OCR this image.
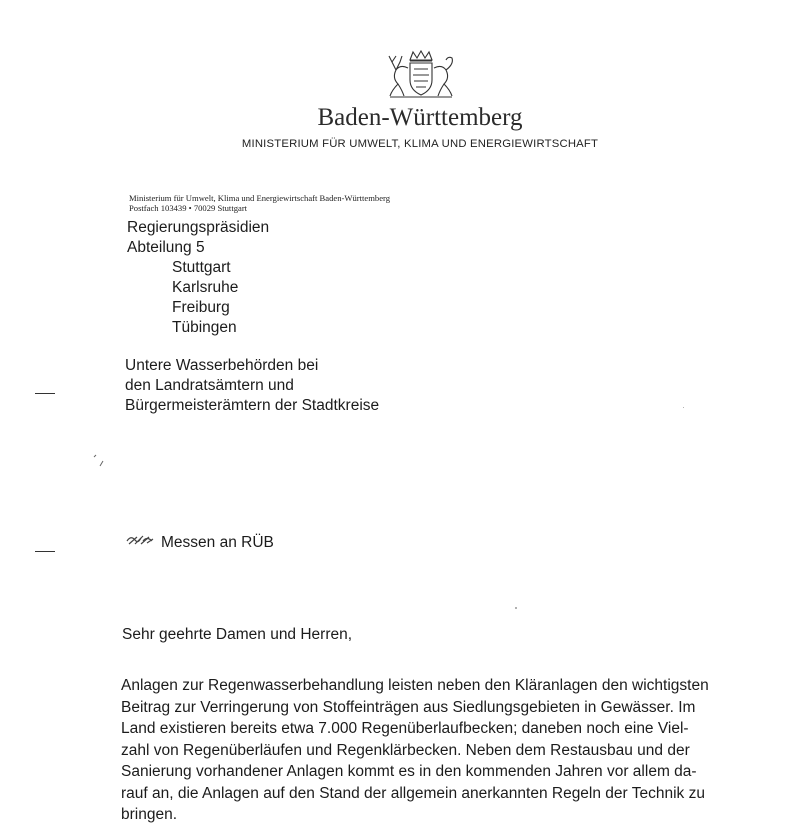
Baden-Württemberg
MINISTERIUM FÜR UMWELT, KLIMA UND ENERGIEWIRTSCHAFT
Ministerium für Umwelt, Klima und Energiewirtschaft Baden-Württemberg
Postfach 103439 • 70029 Stuttgart
Regierungspräsidien
Abteilung 5
Stuttgart
Karlsruhe
Freiburg
Tübingen
Untere Wasserbehörden bei
den Landratsämtern und
Bürgermeisterämtern der Stadtkreise
Messen an RÜB
Sehr geehrte Damen und Herren,
Anlagen zur Regenwasserbehandlung leisten neben den Kläranlagen den wichtigsten
Beitrag zur Verringerung von Stoffeinträgen aus Siedlungsgebieten in Gewässer. Im
Land existieren bereits etwa 7.000 Regenüberlaufbecken; daneben noch eine Viel-
zahl von Regenüberläufen und Regenklärbecken. Neben dem Restausbau und der
Sanierung vorhandener Anlagen kommt es in den kommenden Jahren vor allem da-
rauf an, die Anlagen auf den Stand der allgemein anerkannten Regeln der Technik zu
bringen.
